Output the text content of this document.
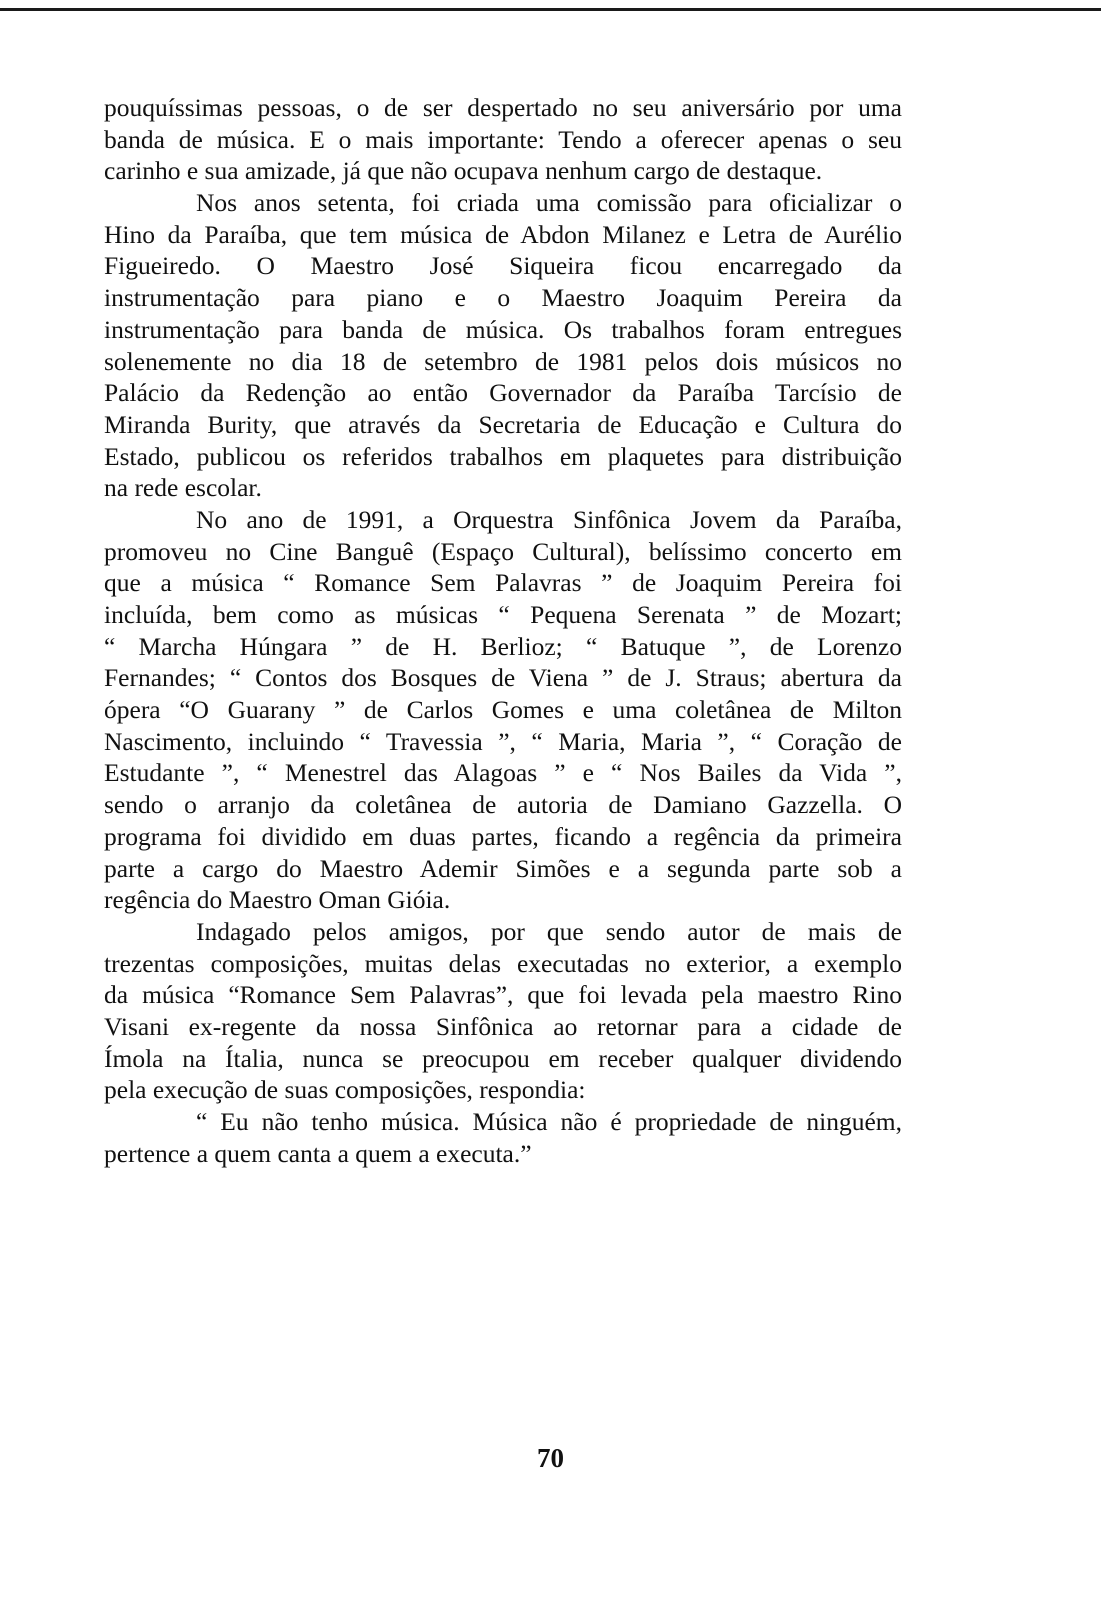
pouquíssimas pessoas, o de ser despertado no seu aniversário por uma
banda de música. E o mais importante: Tendo a oferecer apenas o seu
carinho e sua amizade, já que não ocupava nenhum cargo de destaque.
Nos anos setenta, foi criada uma comissão para oficializar o
Hino da Paraíba, que tem música de Abdon Milanez e Letra de Aurélio
Figueiredo. O Maestro José Siqueira ficou encarregado da
instrumentação para piano e o Maestro Joaquim Pereira da
instrumentação para banda de música. Os trabalhos foram entregues
solenemente no dia 18 de setembro de 1981 pelos dois músicos no
Palácio da Redenção ao então Governador da Paraíba Tarcísio de
Miranda Burity, que através da Secretaria de Educação e Cultura do
Estado, publicou os referidos trabalhos em plaquetes para distribuição
na rede escolar.
No ano de 1991, a Orquestra Sinfônica Jovem da Paraíba,
promoveu no Cine Banguê (Espaço Cultural), belíssimo concerto em
que a música “ Romance Sem Palavras ” de Joaquim Pereira foi
incluída, bem como as músicas “ Pequena Serenata ” de Mozart;
“ Marcha Húngara ” de H. Berlioz; “ Batuque ”, de Lorenzo
Fernandes; “ Contos dos Bosques de Viena ” de J. Straus; abertura da
ópera “O Guarany ” de Carlos Gomes e uma coletânea de Milton
Nascimento, incluindo “ Travessia ”, “ Maria, Maria ”, “ Coração de
Estudante ”, “ Menestrel das Alagoas ” e “ Nos Bailes da Vida ”,
sendo o arranjo da coletânea de autoria de Damiano Gazzella. O
programa foi dividido em duas partes, ficando a regência da primeira
parte a cargo do Maestro Ademir Simões e a segunda parte sob a
regência do Maestro Oman Gióia.
Indagado pelos amigos, por que sendo autor de mais de
trezentas composições, muitas delas executadas no exterior, a exemplo
da música “Romance Sem Palavras”, que foi levada pela maestro Rino
Visani ex-regente da nossa Sinfônica ao retornar para a cidade de
Ímola na Ítalia, nunca se preocupou em receber qualquer dividendo
pela execução de suas composições, respondia:
“ Eu não tenho música. Música não é propriedade de ninguém,
pertence a quem canta a quem a executa.”
70
